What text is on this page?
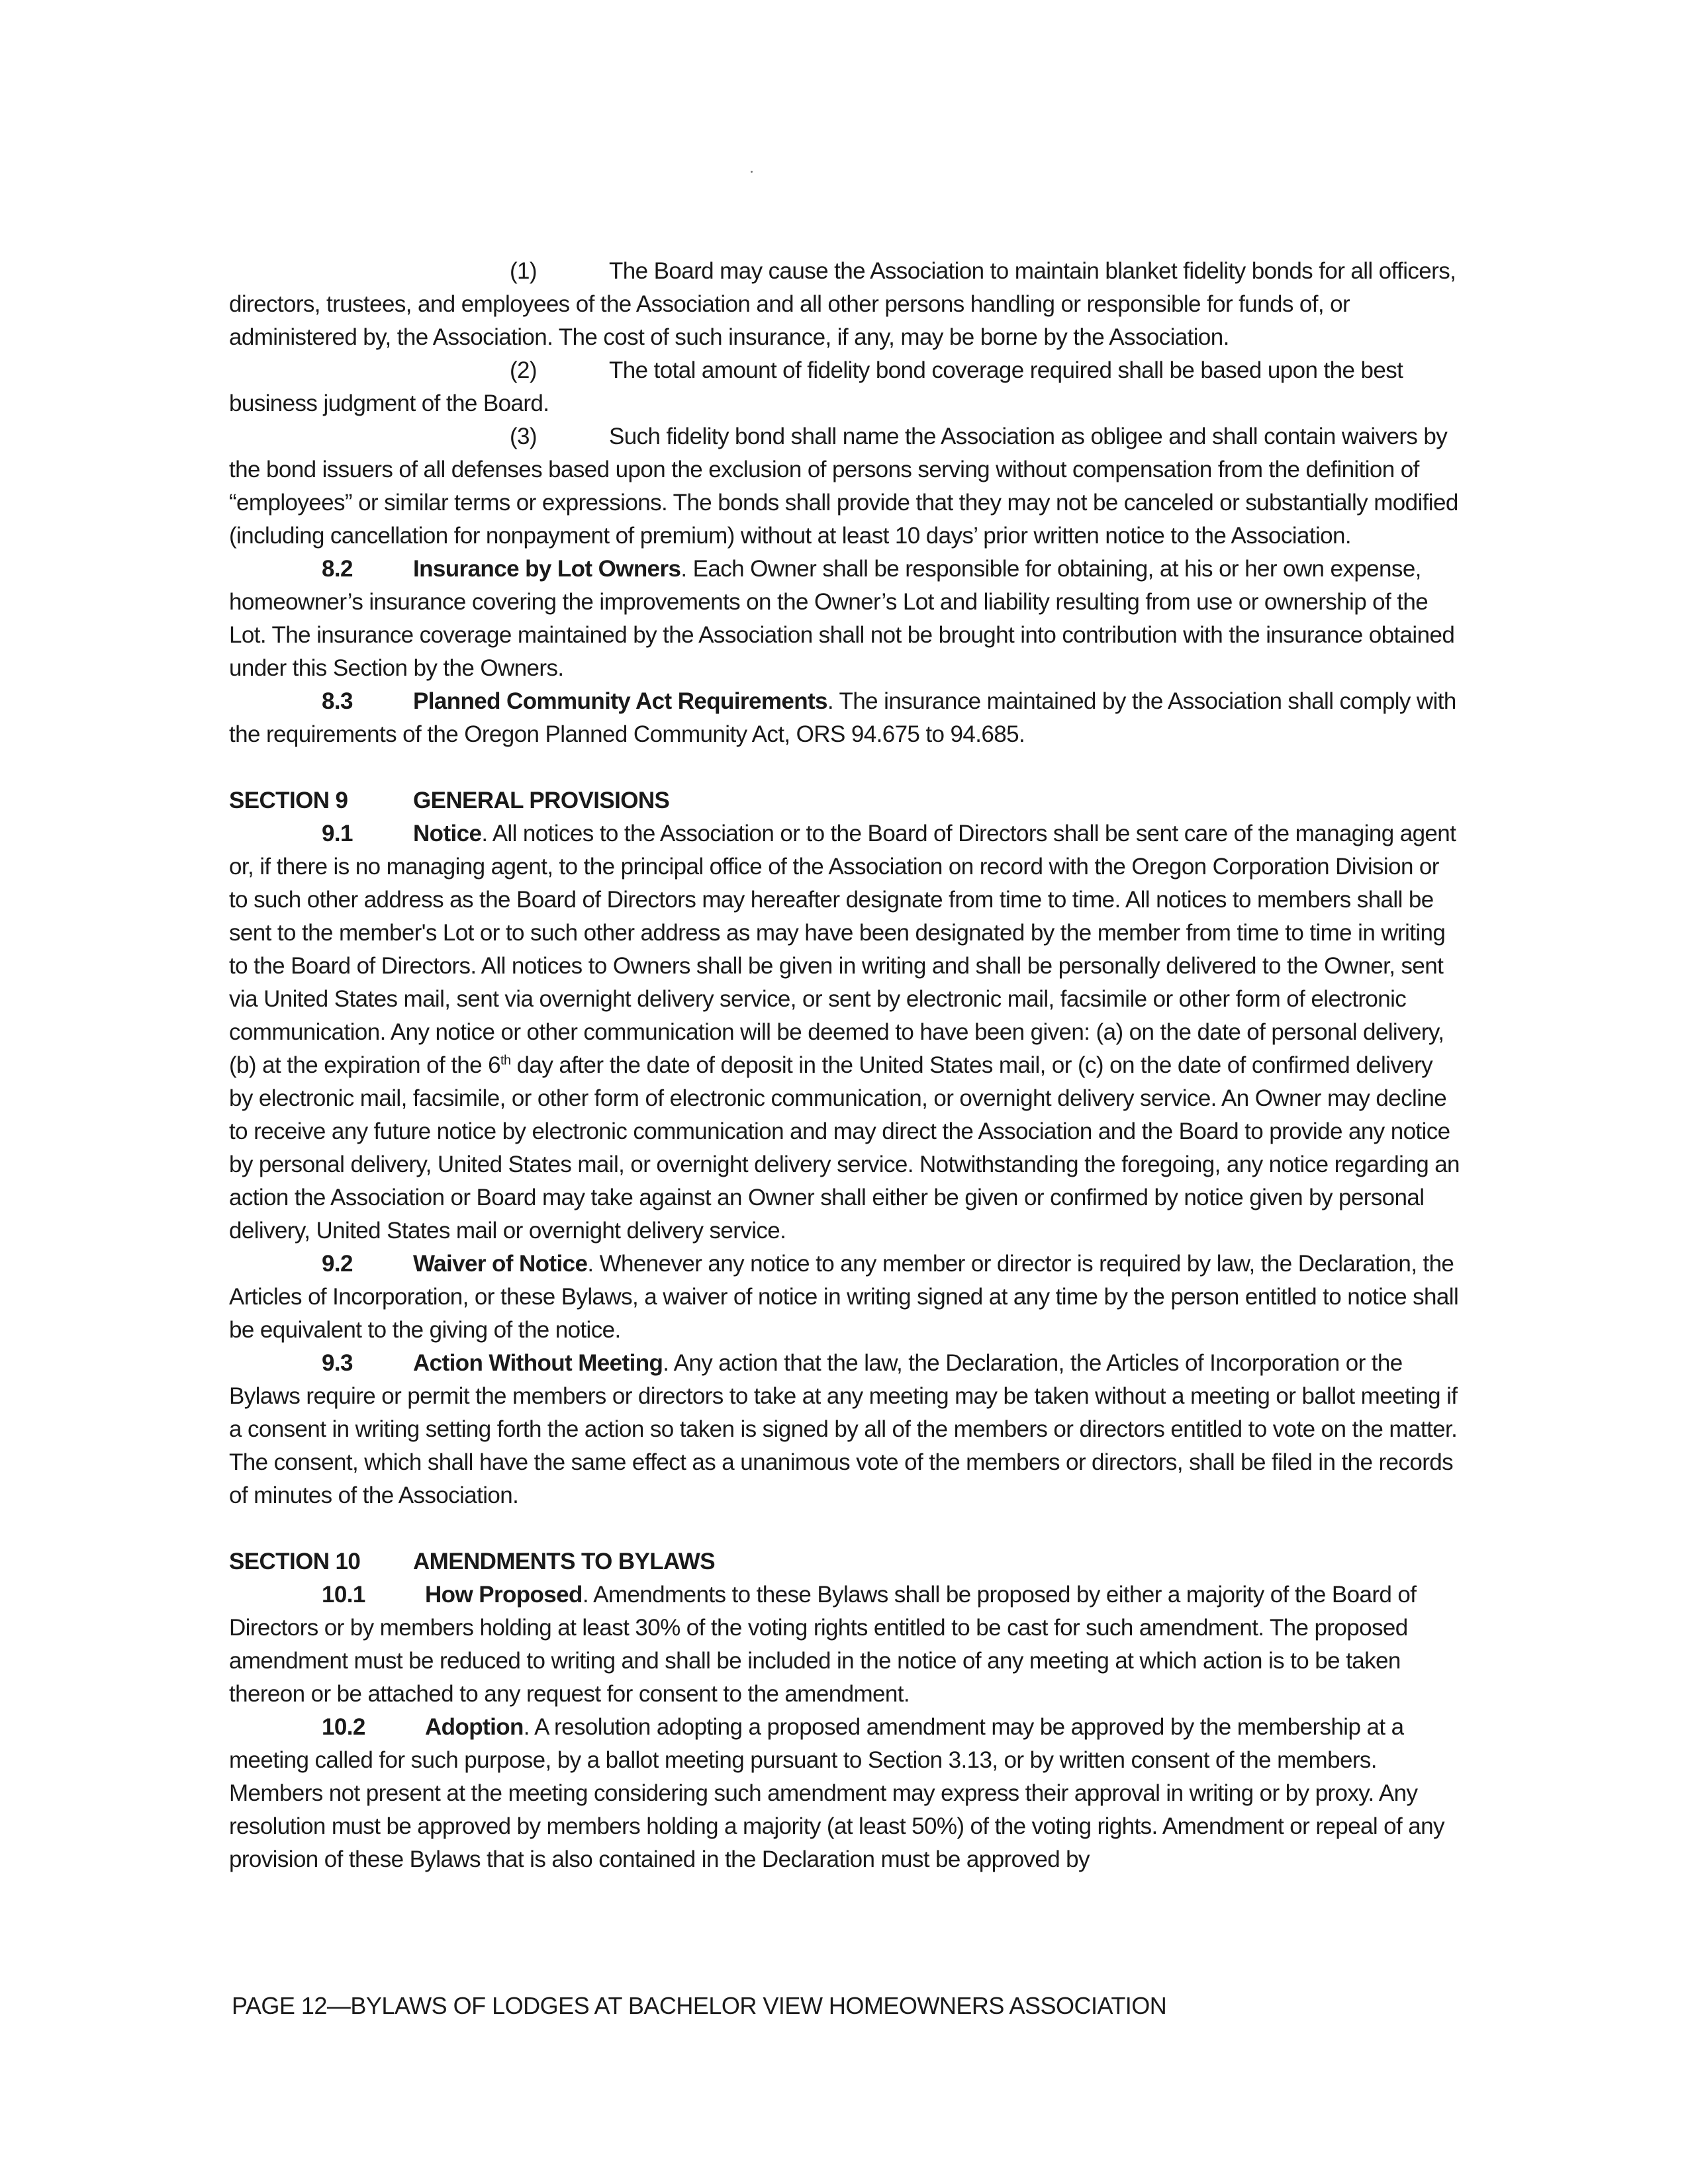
(1)	The Board may cause the Association to maintain blanket fidelity bonds for all officers, directors, trustees, and employees of the Association and all other persons handling or responsible for funds of, or administered by, the Association. The cost of such insurance, if any, may be borne by the Association.

(2)	The total amount of fidelity bond coverage required shall be based upon the best business judgment of the Board.

(3)	Such fidelity bond shall name the Association as obligee and shall contain waivers by the bond issuers of all defenses based upon the exclusion of persons serving without compensation from the definition of “employees” or similar terms or expressions. The bonds shall provide that they may not be canceled or substantially modified (including cancellation for nonpayment of premium) without at least 10 days’ prior written notice to the Association.

8.2	Insurance by Lot Owners. Each Owner shall be responsible for obtaining, at his or her own expense, homeowner’s insurance covering the improvements on the Owner’s Lot and liability resulting from use or ownership of the Lot. The insurance coverage maintained by the Association shall not be brought into contribution with the insurance obtained under this Section by the Owners.

8.3	Planned Community Act Requirements. The insurance maintained by the Association shall comply with the requirements of the Oregon Planned Community Act, ORS 94.675 to 94.685.

SECTION 9	GENERAL PROVISIONS

9.1	Notice. All notices to the Association or to the Board of Directors shall be sent care of the managing agent or, if there is no managing agent, to the principal office of the Association on record with the Oregon Corporation Division or to such other address as the Board of Directors may hereafter designate from time to time. All notices to members shall be sent to the member's Lot or to such other address as may have been designated by the member from time to time in writing to the Board of Directors. All notices to Owners shall be given in writing and shall be personally delivered to the Owner, sent via United States mail, sent via overnight delivery service, or sent by electronic mail, facsimile or other form of electronic communication. Any notice or other communication will be deemed to have been given: (a) on the date of personal delivery, (b) at the expiration of the 6th day after the date of deposit in the United States mail, or (c) on the date of confirmed delivery by electronic mail, facsimile, or other form of electronic communication, or overnight delivery service. An Owner may decline to receive any future notice by electronic communication and may direct the Association and the Board to provide any notice by personal delivery, United States mail, or overnight delivery service. Notwithstanding the foregoing, any notice regarding an action the Association or Board may take against an Owner shall either be given or confirmed by notice given by personal delivery, United States mail or overnight delivery service.

9.2	Waiver of Notice. Whenever any notice to any member or director is required by law, the Declaration, the Articles of Incorporation, or these Bylaws, a waiver of notice in writing signed at any time by the person entitled to notice shall be equivalent to the giving of the notice.

9.3	Action Without Meeting. Any action that the law, the Declaration, the Articles of Incorporation or the Bylaws require or permit the members or directors to take at any meeting may be taken without a meeting or ballot meeting if a consent in writing setting forth the action so taken is signed by all of the members or directors entitled to vote on the matter. The consent, which shall have the same effect as a unanimous vote of the members or directors, shall be filed in the records of minutes of the Association.

SECTION 10 AMENDMENTS TO BYLAWS

10.1	How Proposed. Amendments to these Bylaws shall be proposed by either a majority of the Board of Directors or by members holding at least 30% of the voting rights entitled to be cast for such amendment. The proposed amendment must be reduced to writing and shall be included in the notice of any meeting at which action is to be taken thereon or be attached to any request for consent to the amendment.

10.2	Adoption. A resolution adopting a proposed amendment may be approved by the membership at a meeting called for such purpose, by a ballot meeting pursuant to Section 3.13, or by written consent of the members. Members not present at the meeting considering such amendment may express their approval in writing or by proxy. Any resolution must be approved by members holding a majority (at least 50%) of the voting rights. Amendment or repeal of any provision of these Bylaws that is also contained in the Declaration must be approved by

PAGE 12—BYLAWS OF LODGES AT BACHELOR VIEW HOMEOWNERS ASSOCIATION
